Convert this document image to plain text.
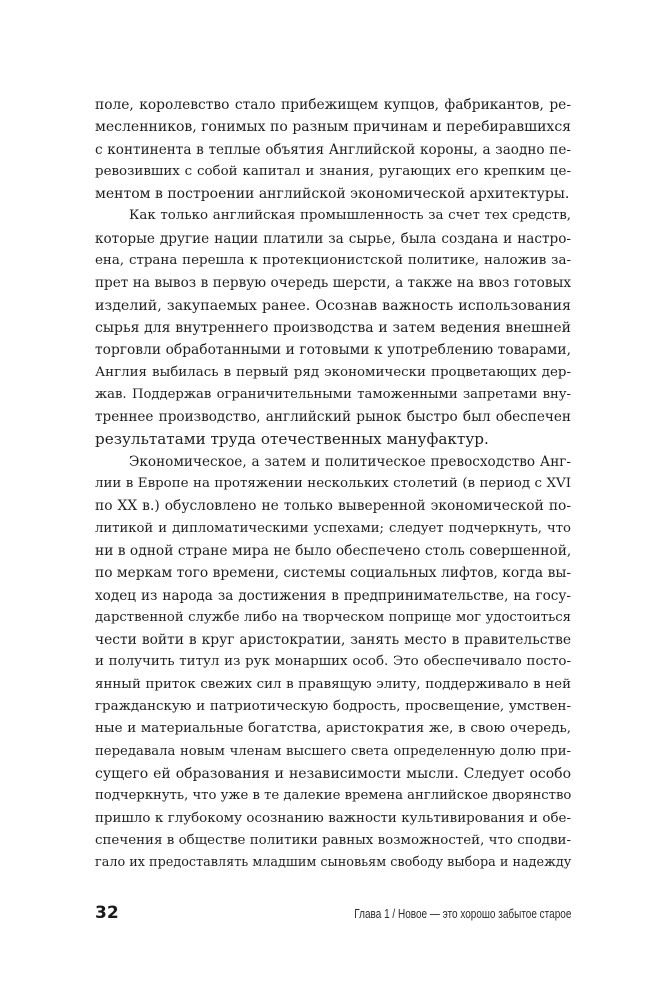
поле, королевство стало прибежищем купцов, фабрикантов, ре-
месленников, гонимых по разным причинам и перебиравшихся
с континента в теплые объятия Английской короны, а заодно пе-
ревозивших с собой капитал и знания, ругающих его крепким це-
ментом в построении английской экономической архитектуры.
Как только английская промышленность за счет тех средств,
которые другие нации платили за сырье, была создана и настро-
ена, страна перешла к протекционистской политике, наложив за-
прет на вывоз в первую очередь шерсти, а также на ввоз готовых
изделий, закупаемых ранее. Осознав важность использования
сырья для внутреннего производства и затем ведения внешней
торговли обработанными и готовыми к употреблению товарами,
Англия выбилась в первый ряд экономически процветающих дер-
жав. Поддержав ограничительными таможенными запретами вну-
треннее производство, английский рынок быстро был обеспечен
результатами труда отечественных мануфактур.
Экономическое, а затем и политическое превосходство Анг-
лии в Европе на протяжении нескольких столетий (в период с XVI
по XX в.) обусловлено не только выверенной экономической по-
литикой и дипломатическими успехами; следует подчеркнуть, что
ни в одной стране мира не было обеспечено столь совершенной,
по меркам того времени, системы социальных лифтов, когда вы-
ходец из народа за достижения в предпринимательстве, на госу-
дарственной службе либо на творческом поприще мог удостоиться
чести войти в круг аристократии, занять место в правительстве
и получить титул из рук монарших особ. Это обеспечивало посто-
янный приток свежих сил в правящую элиту, поддерживало в ней
гражданскую и патриотическую бодрость, просвещение, умствен-
ные и материальные богатства, аристократия же, в свою очередь,
передавала новым членам высшего света определенную долю при-
сущего ей образования и независимости мысли. Следует особо
подчеркнуть, что уже в те далекие времена английское дворянство
пришло к глубокому осознанию важности культивирования и обе-
спечения в обществе политики равных возможностей, что сподви-
гало их предоставлять младшим сыновьям свободу выбора и надежду
32	Глава 1 / Новое — это хорошо забытое старое
